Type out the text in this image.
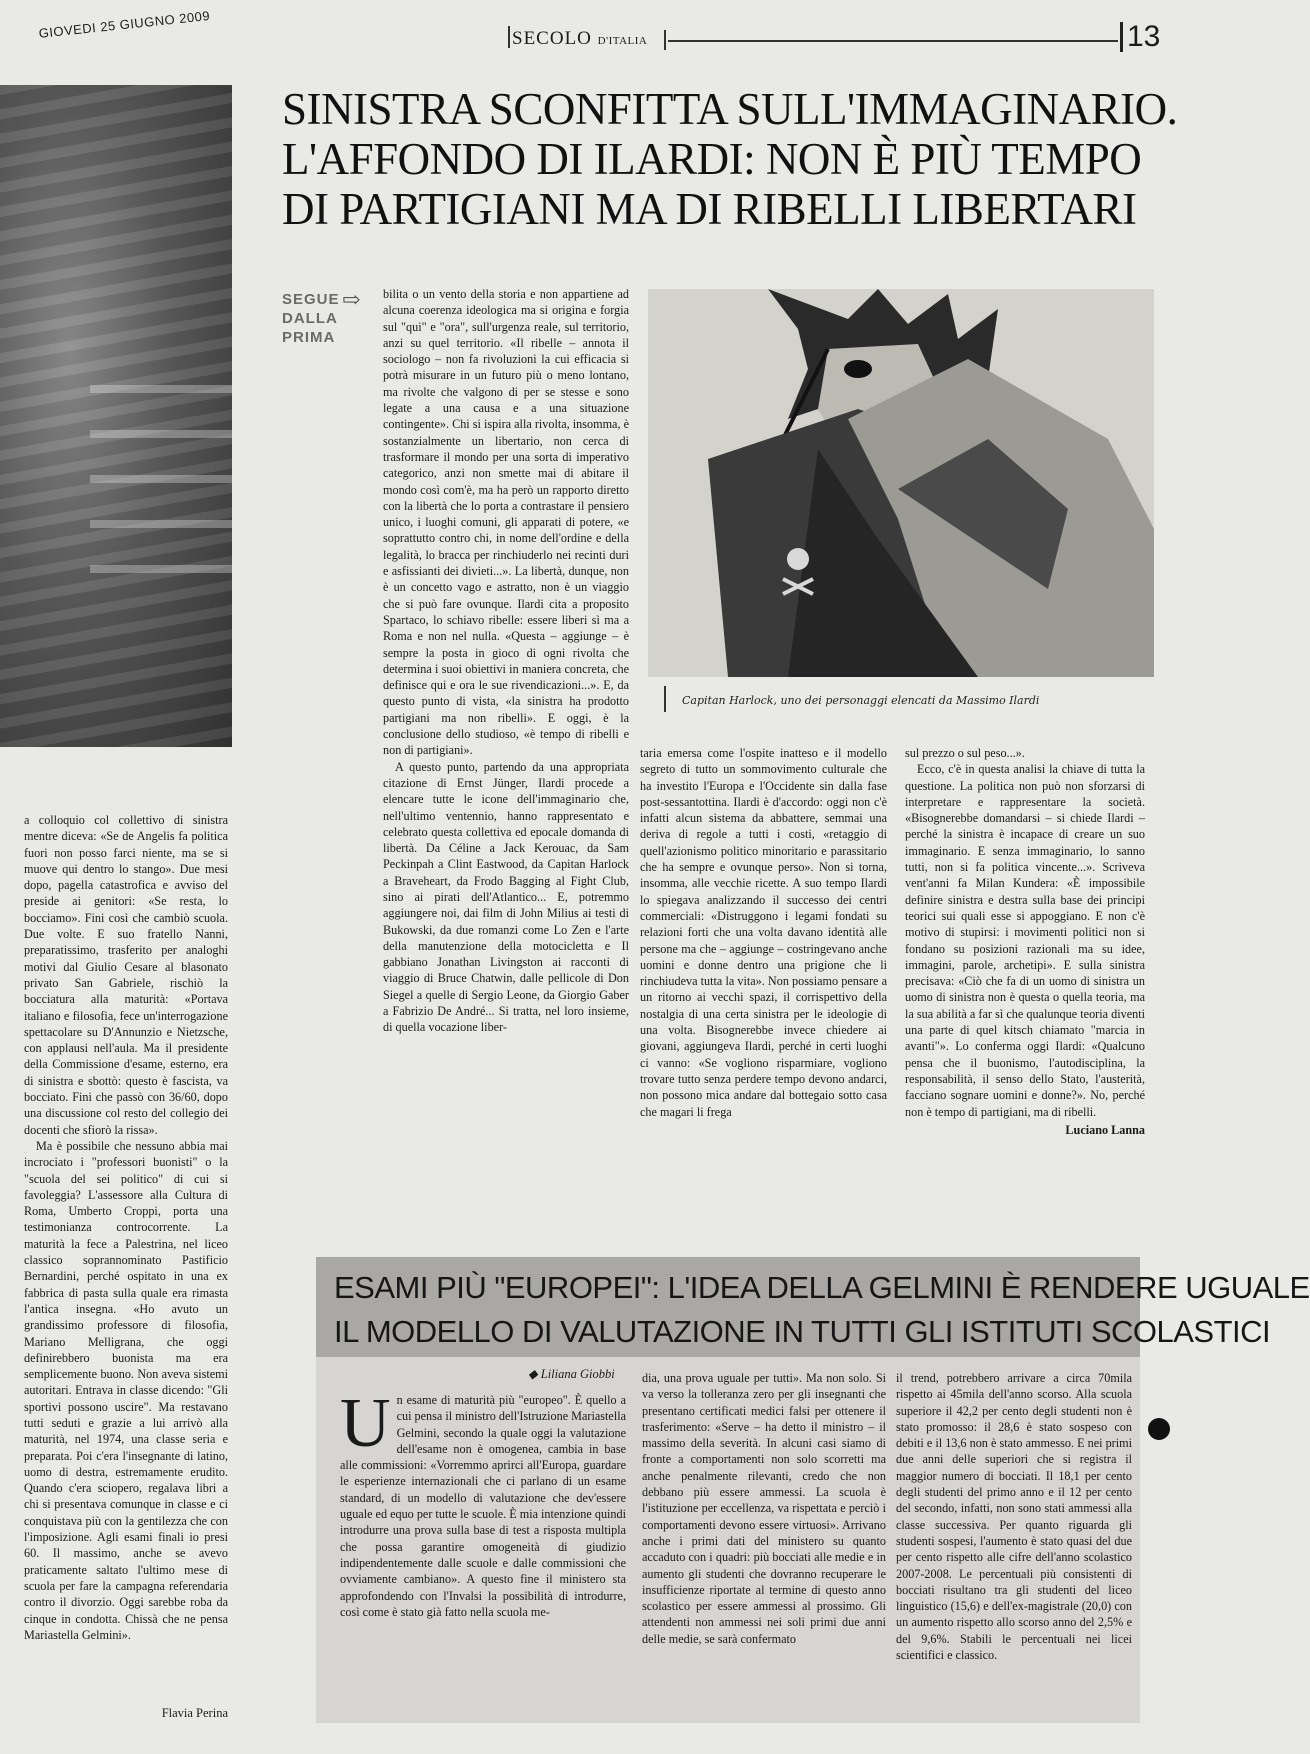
GIOVEDI 25 GIUGNO 2009	SECOLO D'ITALIA	13
SINISTRA SCONFITTA SULL'IMMAGINARIO.
L'AFFONDO DI ILARDI: NON È PIÙ TEMPO
DI PARTIGIANI MA DI RIBELLI LIBERTARI
SEGUE
DALLA
PRIMA
⇨
Capitan Harlock, uno dei personaggi elencati da Massimo Ilardi

a colloquio col collettivo di sinistra mentre diceva: «Se de Angelis fa politica fuori non posso farci niente, ma se si muove qui dentro lo stango». Due mesi dopo, pagella catastrofica e avviso del preside ai genitori: «Se resta, lo bocciamo». Fini così che cambiò scuola. Due volte. E suo fratello Nanni, preparatissimo, trasferito per analoghi motivi dal Giulio Cesare al blasonato privato San Gabriele, rischiò la bocciatura alla maturità: «Portava italiano e filosofia, fece un'interrogazione spettacolare su D'Annunzio e Nietzsche, con applausi nell'aula. Ma il presidente della Commissione d'esame, esterno, era di sinistra e sbottò: questo è fascista, va bocciato. Fini che passò con 36/60, dopo una discussione col resto del collegio dei docenti che sfiorò la rissa».

Ma è possibile che nessuno abbia mai incrociato i "professori buonisti" o la "scuola del sei politico" di cui si favoleggia? L'assessore alla Cultura di Roma, Umberto Croppi, porta una testimonianza controcorrente. La maturità la fece a Palestrina, nel liceo classico soprannominato Pastificio Bernardini, perché ospitato in una ex fabbrica di pasta sulla quale era rimasta l'antica insegna. «Ho avuto un grandissimo professore di filosofia, Mariano Melligrana, che oggi definirebbero buonista ma era semplicemente buono. Non aveva sistemi autoritari. Entrava in classe dicendo: "Gli sportivi possono uscire". Ma restavano tutti seduti e grazie a lui arrivò alla maturità, nel 1974, una classe seria e preparata. Poi c'era l'insegnante di latino, uomo di destra, estremamente erudito. Quando c'era sciopero, regalava libri a chi si presentava comunque in classe e ci conquistava più con la gentilezza che con l'imposizione. Agli esami finali io presi 60. Il massimo, anche se avevo praticamente saltato l'ultimo mese di scuola per fare la campagna referendaria contro il divorzio. Oggi sarebbe roba da cinque in condotta. Chissà che ne pensa Mariastella Gelmini».

Flavia Perina

bilita o un vento della storia e non appartiene ad alcuna coerenza ideologica ma si origina e forgia sul "qui" e "ora", sull'urgenza reale, sul territorio, anzi su quel territorio. «Il ribelle – annota il sociologo – non fa rivoluzioni la cui efficacia si potrà misurare in un futuro più o meno lontano, ma rivolte che valgono di per se stesse e sono legate a una causa e a una situazione contingente». Chi si ispira alla rivolta, insomma, è sostanzialmente un libertario, non cerca di trasformare il mondo per una sorta di imperativo categorico, anzi non smette mai di abitare il mondo così com'è, ma ha però un rapporto diretto con la libertà che lo porta a contrastare il pensiero unico, i luoghi comuni, gli apparati di potere, «e soprattutto contro chi, in nome dell'ordine e della legalità, lo bracca per rinchiuderlo nei recinti duri e asfissianti dei divieti...». La libertà, dunque, non è un concetto vago e astratto, non è un viaggio che si può fare ovunque. Ilardi cita a proposito Spartaco, lo schiavo ribelle: essere liberi sì ma a Roma e non nel nulla. «Questa – aggiunge – è sempre la posta in gioco di ogni rivolta che determina i suoi obiettivi in maniera concreta, che definisce qui e ora le sue rivendicazioni...». E, da questo punto di vista, «la sinistra ha prodotto partigiani ma non ribelli». E oggi, è la conclusione dello studioso, «è tempo di ribelli e non di partigiani».

A questo punto, partendo da una appropriata citazione di Ernst Jünger, Ilardi procede a elencare tutte le icone dell'immaginario che, nell'ultimo ventennio, hanno rappresentato e celebrato questa collettiva ed epocale domanda di libertà. Da Céline a Jack Kerouac, da Sam Peckinpah a Clint Eastwood, da Capitan Harlock a Braveheart, da Frodo Bagging al Fight Club, sino ai pirati dell'Atlantico... E, potremmo aggiungere noi, dai film di John Milius ai testi di Bukowski, da due romanzi come Lo Zen e l'arte della manutenzione della motocicletta e Il gabbiano Jonathan Livingston ai racconti di viaggio di Bruce Chatwin, dalle pellicole di Don Siegel a quelle di Sergio Leone, da Giorgio Gaber a Fabrizio De André... Si tratta, nel loro insieme, di quella vocazione liber-

taria emersa come l'ospite inatteso e il modello segreto di tutto un sommovimento culturale che ha investito l'Europa e l'Occidente sin dalla fase post-sessantottina. Ilardi è d'accordo: oggi non c'è infatti alcun sistema da abbattere, semmai una deriva di regole a tutti i costi, «retaggio di quell'azionismo politico minoritario e parassitario che ha sempre e ovunque perso». Non si torna, insomma, alle vecchie ricette. A suo tempo Ilardi lo spiegava analizzando il successo dei centri commerciali: «Distruggono i legami fondati su relazioni forti che una volta davano identità alle persone ma che – aggiunge – costringevano anche uomini e donne dentro una prigione che li rinchiudeva tutta la vita». Non possiamo pensare a un ritorno ai vecchi spazi, il corrispettivo della nostalgia di una certa sinistra per le ideologie di una volta. Bisognerebbe invece chiedere ai giovani, aggiungeva Ilardi, perché in certi luoghi ci vanno: «Se vogliono risparmiare, vogliono trovare tutto senza perdere tempo devono andarci, non possono mica andare dal bottegaio sotto casa che magari li frega

sul prezzo o sul peso...».

Ecco, c'è in questa analisi la chiave di tutta la questione. La politica non può non sforzarsi di interpretare e rappresentare la società. «Bisognerebbe domandarsi – si chiede Ilardi – perché la sinistra è incapace di creare un suo immaginario. E senza immaginario, lo sanno tutti, non si fa politica vincente...». Scriveva vent'anni fa Milan Kundera: «È impossibile definire sinistra e destra sulla base dei principi teorici sui quali esse si appoggiano. E non c'è motivo di stupirsi: i movimenti politici non si fondano su posizioni razionali ma su idee, immagini, parole, archetipi». E sulla sinistra precisava: «Ciò che fa di un uomo di sinistra un uomo di sinistra non è questa o quella teoria, ma la sua abilità a far sì che qualunque teoria diventi una parte di quel kitsch chiamato "marcia in avanti"». Lo conferma oggi Ilardi: «Qualcuno pensa che il buonismo, l'autodisciplina, la responsabilità, il senso dello Stato, l'austerità, facciano sognare uomini e donne?». No, perché non è tempo di partigiani, ma di ribelli.

Luciano Lanna
ESAMI PIÙ "EUROPEI": L'IDEA DELLA GELMINI È RENDERE UGUALE
IL MODELLO DI VALUTAZIONE IN TUTTI GLI ISTITUTI SCOLASTICI
◆ Liliana Giobbi
U n esame di maturità più "europeo". È quello a cui pensa il ministro dell'Istruzione Mariastella Gelmini, secondo la quale oggi la valutazione dell'esame non è omogenea, cambia in base alle commissioni: «Vorremmo aprirci all'Europa, guardare le esperienze internazionali che ci parlano di un esame standard, di un modello di valutazione che dev'essere uguale ed equo per tutte le scuole. È mia intenzione quindi introdurre una prova sulla base di test a risposta multipla che possa garantire omogeneità di giudizio indipendentemente dalle scuole e dalle commissioni che ovviamente cambiano». A questo fine il ministero sta approfondendo con l'Invalsi la possibilità di introdurre, così come è stato già fatto nella scuola me-

dia, una prova uguale per tutti». Ma non solo. Si va verso la tolleranza zero per gli insegnanti che presentano certificati medici falsi per ottenere il trasferimento: «Serve – ha detto il ministro – il massimo della severità. In alcuni casi siamo di fronte a comportamenti non solo scorretti ma anche penalmente rilevanti, credo che non debbano più essere ammessi. La scuola è l'istituzione per eccellenza, va rispettata e perciò i comportamenti devono essere virtuosi». Arrivano anche i primi dati del ministero su quanto accaduto con i quadri: più bocciati alle medie e in aumento gli studenti che dovranno recuperare le insufficienze riportate al termine di questo anno scolastico per essere ammessi al prossimo. Gli attendenti non ammessi nei soli primi due anni delle medie, se sarà confermato

il trend, potrebbero arrivare a circa 70mila rispetto ai 45mila dell'anno scorso. Alla scuola superiore il 42,2 per cento degli studenti non è stato promosso: il 28,6 è stato sospeso con debiti e il 13,6 non è stato ammesso. E nei primi due anni delle superiori che si registra il maggior numero di bocciati. Il 18,1 per cento degli studenti del primo anno e il 12 per cento del secondo, infatti, non sono stati ammessi alla classe successiva. Per quanto riguarda gli studenti sospesi, l'aumento è stato quasi del due per cento rispetto alle cifre dell'anno scolastico 2007-2008. Le percentuali più consistenti di bocciati risultano tra gli studenti del liceo linguistico (15,6) e dell'ex-magistrale (20,0) con un aumento rispetto allo scorso anno del 2,5% e del 9,6%. Stabili le percentuali nei licei scientifici e classico.
